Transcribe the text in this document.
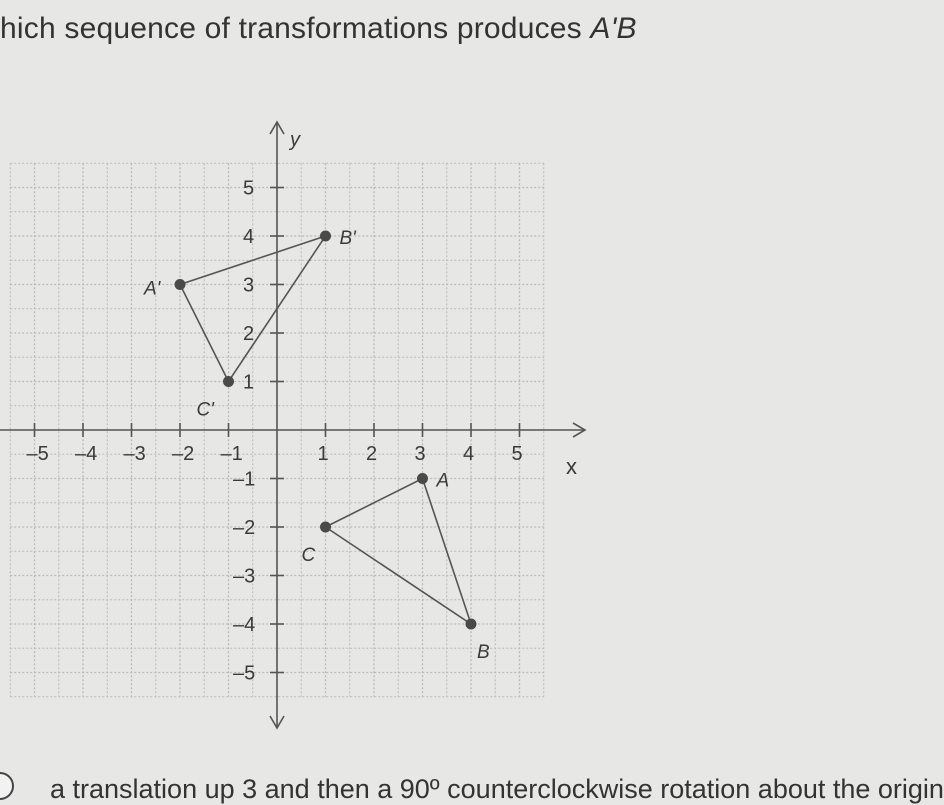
hich sequence of transformations produces A'B
y
x
–5 –4 –3 –2 –1	1 2 3 4 5
1
2
3
4
5
–1
–2
–3
–4
–5
A'
B'
C'
A
B
C
a translation up 3 and then a 90º counterclockwise rotation about the origin
